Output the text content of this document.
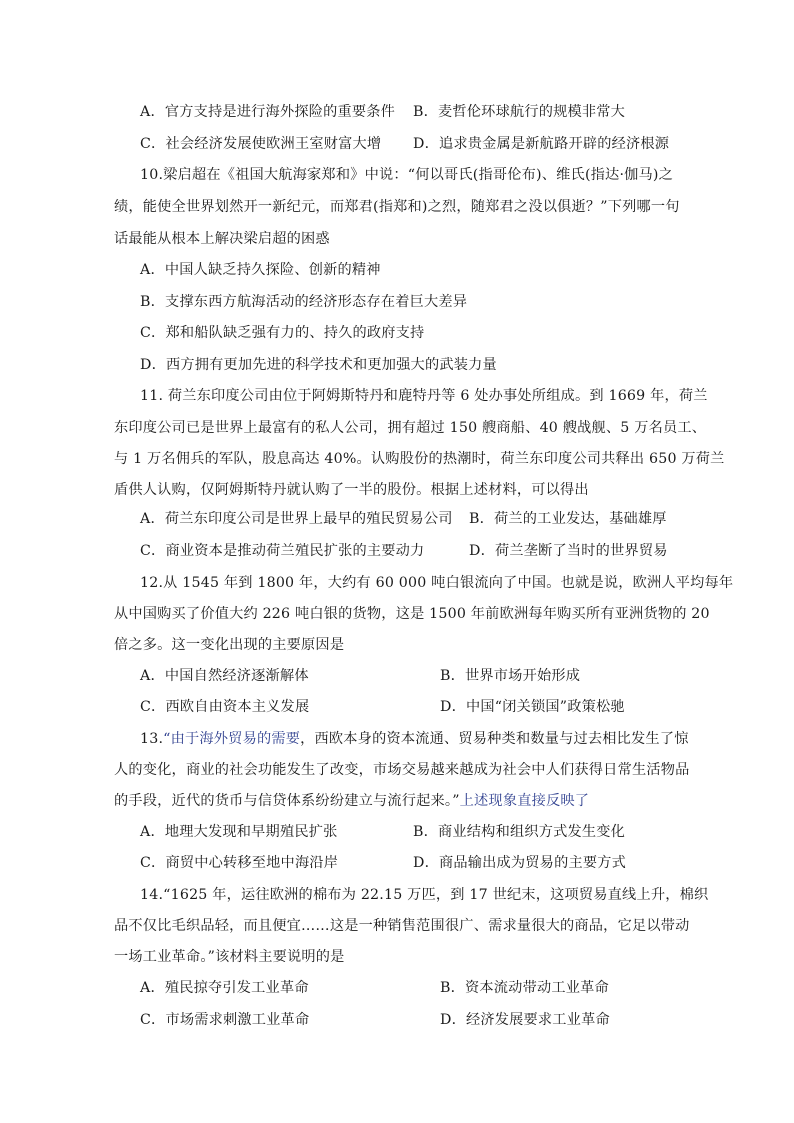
A．官方支持是进行海外探险的重要条件 B．麦哲伦环球航行的规模非常大
C．社会经济发展使欧洲王室财富大增 D．追求贵金属是新航路开辟的经济根源
10.梁启超在《祖国大航海家郑和》中说：“何以哥氏(指哥伦布)、维氏(指达·伽马)之
绩，能使全世界划然开一新纪元，而郑君(指郑和)之烈，随郑君之没以俱逝？”下列哪一句
话最能从根本上解决梁启超的困惑
A．中国人缺乏持久探险、创新的精神
B．支撑东西方航海活动的经济形态存在着巨大差异
C．郑和船队缺乏强有力的、持久的政府支持
D．西方拥有更加先进的科学技术和更加强大的武装力量
11. 荷兰东印度公司由位于阿姆斯特丹和鹿特丹等 6 处办事处所组成。到 1669 年，荷兰
东印度公司已是世界上最富有的私人公司，拥有超过 150 艘商船、40 艘战舰、5 万名员工、
与 1 万名佣兵的军队，股息高达 40%。认购股份的热潮时，荷兰东印度公司共释出 650 万荷兰
盾供人认购，仅阿姆斯特丹就认购了一半的股份。根据上述材料，可以得出
A．荷兰东印度公司是世界上最早的殖民贸易公司 B．荷兰的工业发达，基础雄厚
C．商业资本是推动荷兰殖民扩张的主要动力	D．荷兰垄断了当时的世界贸易
12.从 1545 年到 1800 年，大约有 60 000 吨白银流向了中国。也就是说，欧洲人平均每年
从中国购买了价值大约 226 吨白银的货物，这是 1500 年前欧洲每年购买所有亚洲货物的 20
倍之多。这一变化出现的主要原因是
A．中国自然经济逐渐解体	B．世界市场开始形成
C．西欧自由资本主义发展	D．中国“闭关锁国”政策松驰
13.“由于海外贸易的需要，西欧本身的资本流通、贸易种类和数量与过去相比发生了惊
人的变化，商业的社会功能发生了改变，市场交易越来越成为社会中人们获得日常生活物品
的手段，近代的货币与信贷体系纷纷建立与流行起来。”上述现象直接反映了
A．地理大发现和早期殖民扩张	B．商业结构和组织方式发生变化
C．商贸中心转移至地中海沿岸	D．商品输出成为贸易的主要方式
14.“1625 年，运往欧洲的棉布为 22.15 万匹，到 17 世纪末，这项贸易直线上升，棉织
品不仅比毛织品轻，而且便宜……这是一种销售范围很广、需求量很大的商品，它足以带动
一场工业革命。”该材料主要说明的是
A．殖民掠夺引发工业革命	B．资本流动带动工业革命
C．市场需求刺激工业革命	D．经济发展要求工业革命
